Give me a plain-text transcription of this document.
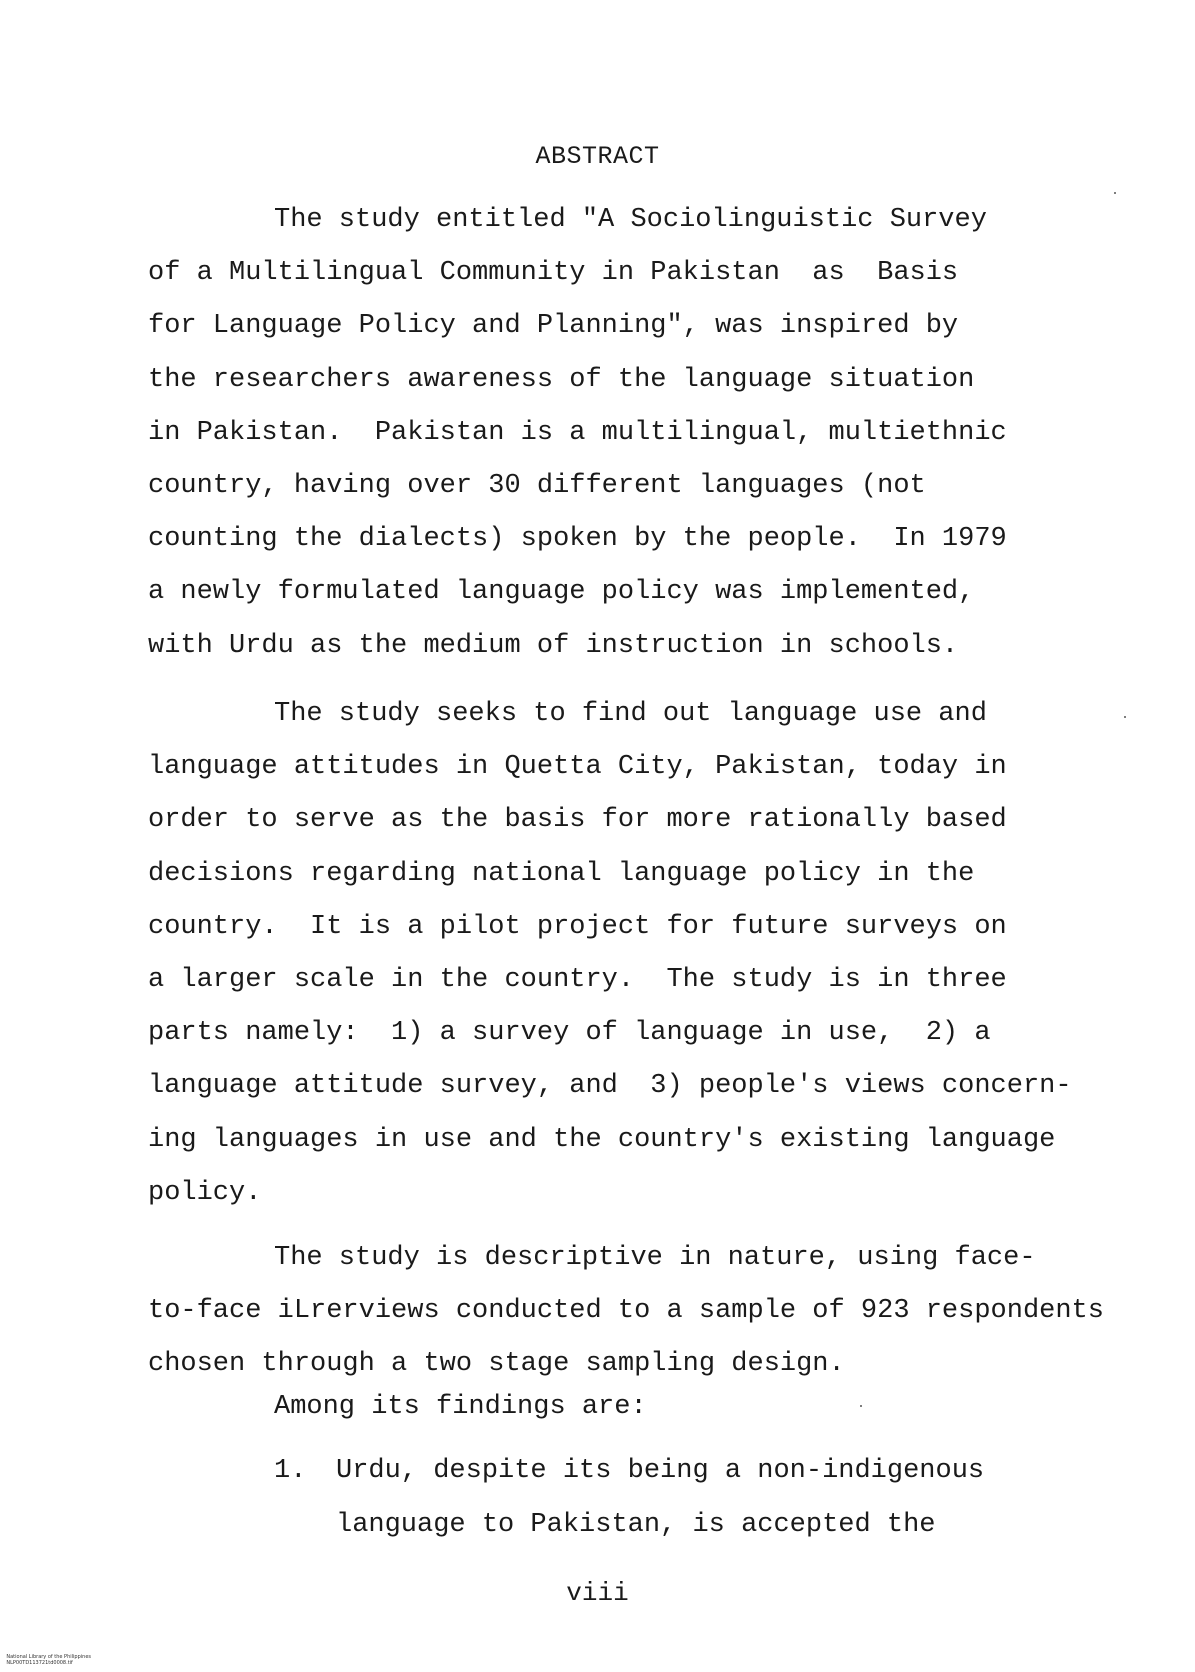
ABSTRACT
The study entitled "A Sociolinguistic Survey
of a Multilingual Community in Pakistan  as  Basis
for Language Policy and Planning", was inspired by
the researchers awareness of the language situation
in Pakistan.  Pakistan is a multilingual, multiethnic
country, having over 30 different languages (not
counting the dialects) spoken by the people.  In 1979
a newly formulated language policy was implemented,
with Urdu as the medium of instruction in schools.
The study seeks to find out language use and
language attitudes in Quetta City, Pakistan, today in
order to serve as the basis for more rationally based
decisions regarding national language policy in the
country.  It is a pilot project for future surveys on
a larger scale in the country.  The study is in three
parts namely:  1) a survey of language in use,  2) a
language attitude survey, and  3) people's views concern-
ing languages in use and the country's existing language
policy.
The study is descriptive in nature, using face-
to-face iLrerviews conducted to a sample of 923 respondents
chosen through a two stage sampling design.
Among its findings are:
1. Urdu, despite its being a non-indigenous
language to Pakistan, is accepted the
viii

National Library of the Philippines
NLP00TD113721td0008.tif
